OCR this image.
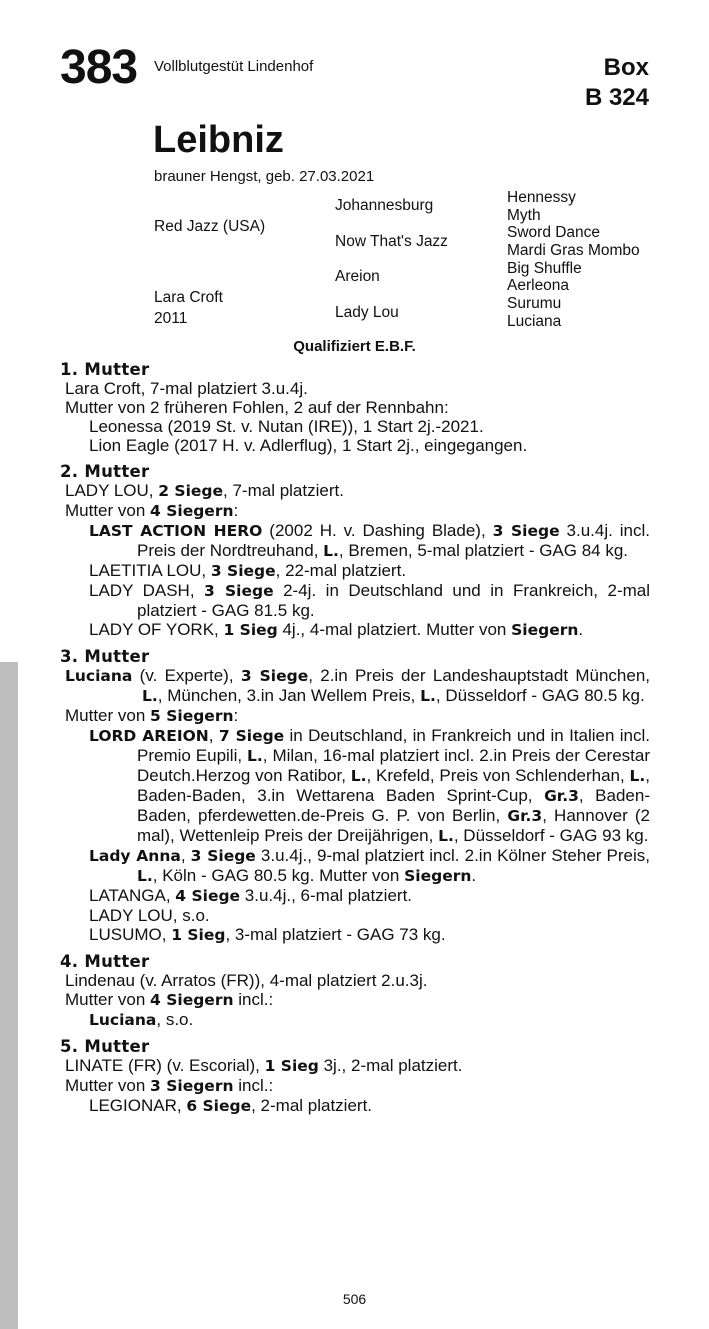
383 Vollblutgestüt Lindenhof	Box
B 324
Leibniz
brauner Hengst, geb. 27.03.2021
Red Jazz (USA)
Lara Croft
2011
Johannesburg
Now That's Jazz
Areion
Lady Lou
Hennessy
Myth
Sword Dance
Mardi Gras Mombo
Big Shuffle
Aerleona
Surumu
Luciana
Qualifiziert E.B.F.
1. Mutter
Lara Croft, 7-mal platziert 3.u.4j.
Mutter von 2 früheren Fohlen, 2 auf der Rennbahn:
Leonessa (2019 St. v. Nutan (IRE)), 1 Start 2j.-2021.
Lion Eagle (2017 H. v. Adlerflug), 1 Start 2j., eingegangen.
2. Mutter
LADY LOU, 2 Siege, 7-mal platziert.
Mutter von 4 Siegern:
LAST ACTION HERO (2002 H. v. Dashing Blade), 3 Siege 3.u.4j. incl. Preis der Nordtreuhand, L., Bremen, 5-mal platziert - GAG 84 kg.
LAETITIA LOU, 3 Siege, 22-mal platziert.
LADY DASH, 3 Siege 2-4j. in Deutschland und in Frankreich, 2-mal platziert - GAG 81.5 kg.
LADY OF YORK, 1 Sieg 4j., 4-mal platziert. Mutter von Siegern.
3. Mutter
Luciana (v. Experte), 3 Siege, 2.in Preis der Landeshauptstadt München, L., München, 3.in Jan Wellem Preis, L., Düsseldorf - GAG 80.5 kg.
Mutter von 5 Siegern:
LORD AREION, 7 Siege in Deutschland, in Frankreich und in Italien incl. Premio Eupili, L., Milan, 16-mal platziert incl. 2.in Preis der Cerestar Deutch.Herzog von Ratibor, L., Krefeld, Preis von Schlenderhan, L., Baden-Baden, 3.in Wettarena Baden Sprint-Cup, Gr.3, Baden-Baden, pferdewetten.de-Preis G. P. von Berlin, Gr.3, Hannover (2 mal), Wettenleip Preis der Dreijährigen, L., Düsseldorf - GAG 93 kg.
Lady Anna, 3 Siege 3.u.4j., 9-mal platziert incl. 2.in Kölner Steher Preis, L., Köln - GAG 80.5 kg. Mutter von Siegern.
LATANGA, 4 Siege 3.u.4j., 6-mal platziert.
LADY LOU, s.o.
LUSUMO, 1 Sieg, 3-mal platziert - GAG 73 kg.
4. Mutter
Lindenau (v. Arratos (FR)), 4-mal platziert 2.u.3j.
Mutter von 4 Siegern incl.:
Luciana, s.o.
5. Mutter
LINATE (FR) (v. Escorial), 1 Sieg 3j., 2-mal platziert.
Mutter von 3 Siegern incl.:
LEGIONAR, 6 Siege, 2-mal platziert.
506
